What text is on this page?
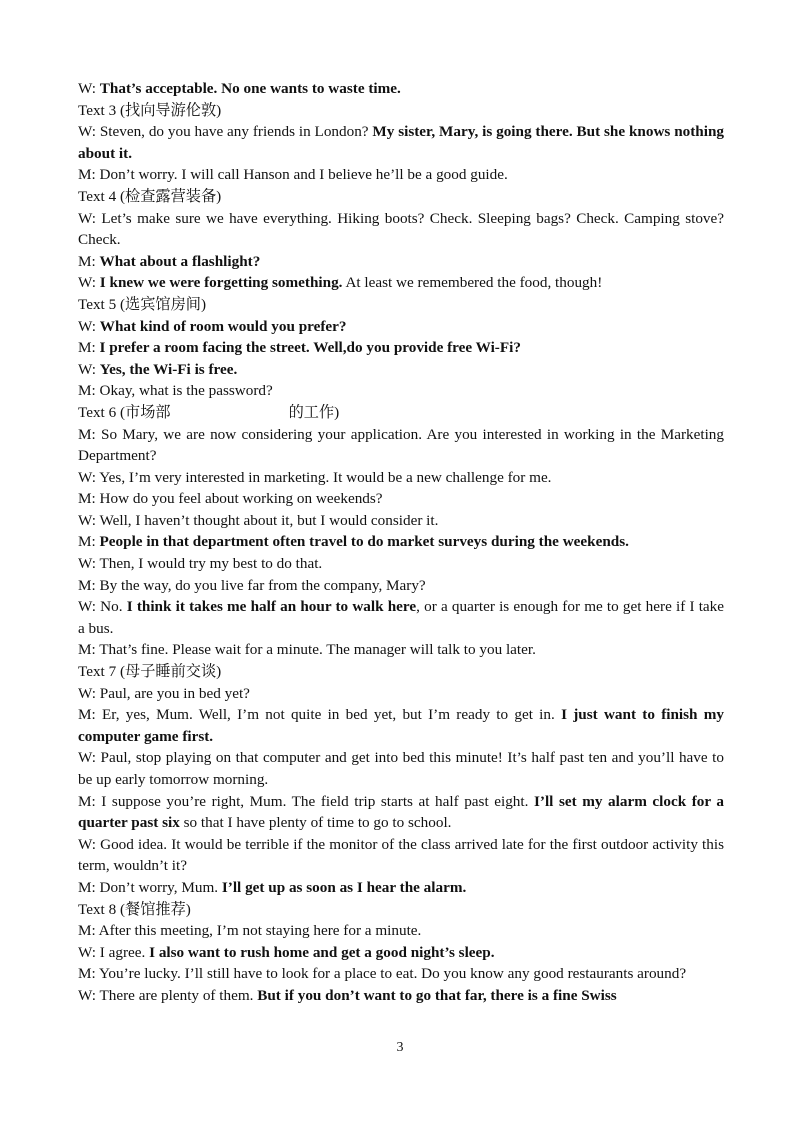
W: That’s acceptable. No one wants to waste time.

Text 3 (找向导游伦敦)

W: Steven, do you have any friends in London? My sister, Mary, is going there. But she knows nothing about it.

M: Don’t worry. I will call Hanson and I believe he’ll be a good guide.

Text 4 (检查露营装备)

W: Let’s make sure we have everything. Hiking boots? Check. Sleeping bags? Check. Camping stove? Check.

M: What about a flashlight?

W: I knew we were forgetting something. At least we remembered the food, though!

Text 5 (选宾馆房间)

W: What kind of room would you prefer?

M: I prefer a room facing the street. Well,do you provide free Wi-Fi?

W: Yes, the Wi-Fi is free.

M: Okay, what is the password?

Text 6 (市场部	的工作)

M: So Mary, we are now considering your application. Are you interested in working in the Marketing Department?

W: Yes, I’m very interested in marketing. It would be a new challenge for me.

M: How do you feel about working on weekends?

W: Well, I haven’t thought about it, but I would consider it.

M: People in that department often travel to do market surveys during the weekends.

W: Then, I would try my best to do that.

M: By the way, do you live far from the company, Mary?

W: No. I think it takes me half an hour to walk here, or a quarter is enough for me to get here if I take a bus.

M: That’s fine. Please wait for a minute. The manager will talk to you later.

Text 7 (母子睡前交谈)

W: Paul, are you in bed yet?

M: Er, yes, Mum. Well, I’m not quite in bed yet, but I’m ready to get in. I just want to finish my computer game first.

W: Paul, stop playing on that computer and get into bed this minute! It’s half past ten and you’ll have to be up early tomorrow morning.

M: I suppose you’re right, Mum. The field trip starts at half past eight. I’ll set my alarm clock for a quarter past six so that I have plenty of time to go to school.

W: Good idea. It would be terrible if the monitor of the class arrived late for the first outdoor activity this term, wouldn’t it?

M: Don’t worry, Mum. I’ll get up as soon as I hear the alarm.

Text 8 (餐馆推荐)

M: After this meeting, I’m not staying here for a minute.

W: I agree. I also want to rush home and get a good night’s sleep.

M: You’re lucky. I’ll still have to look for a place to eat. Do you know any good restaurants around?

W: There are plenty of them. But if you don’t want to go that far, there is a fine Swiss

3
